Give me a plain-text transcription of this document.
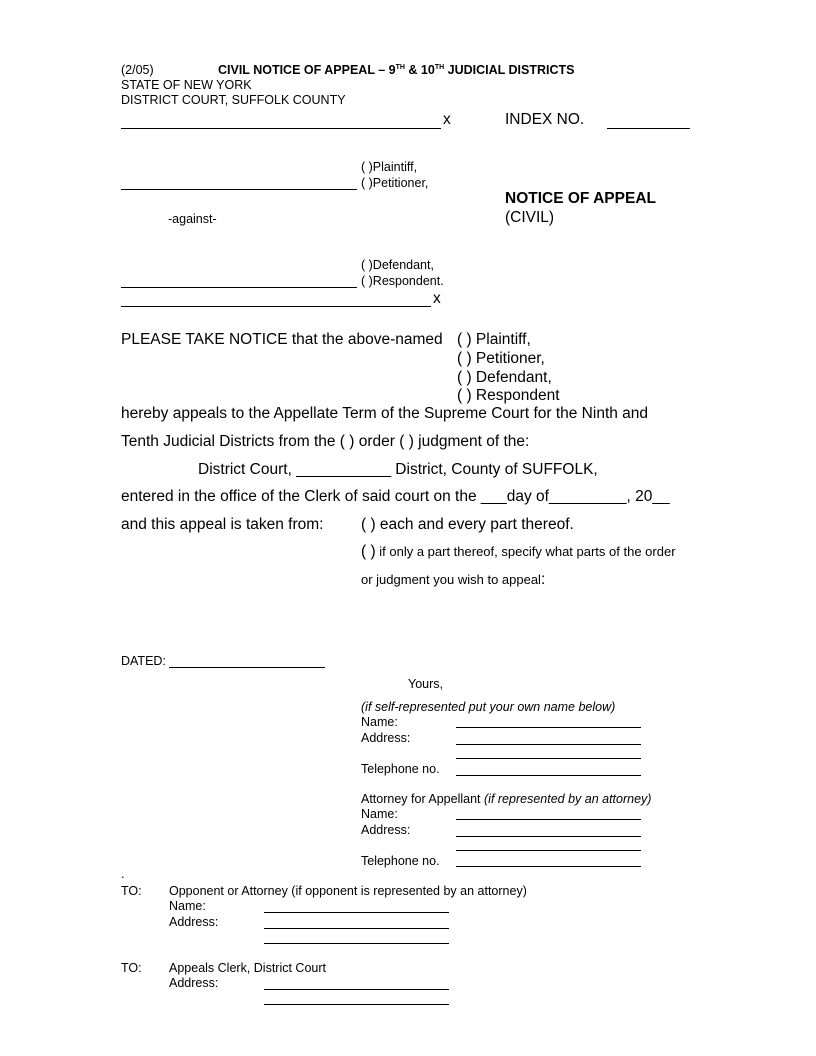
(2/05)	CIVIL NOTICE OF APPEAL – 9TH & 10TH JUDICIAL DISTRICTS
STATE OF NEW YORK
DISTRICT COURT, SUFFOLK COUNTY
x	INDEX NO.
( )Plaintiff,
( )Petitioner,
NOTICE OF APPEAL
(CIVIL)
-against-
( )Defendant,
( )Respondent.
x
PLEASE TAKE NOTICE that the above-named ( ) Plaintiff,
( ) Petitioner,
( ) Defendant,
( ) Respondent
hereby appeals to the Appellate Term of the Supreme Court for the Ninth and
Tenth Judicial Districts from the ( ) order ( ) judgment of the:
District Court, ___________ District, County of SUFFOLK,
entered in the office of the Clerk of said court on the ___day of_________, 20__
and this appeal is taken from: ( ) each and every part thereof.
( ) if only a part thereof, specify what parts of the order
or judgment you wish to appeal:
DATED:
Yours,
(if self-represented put your own name below)
Name:
Address:
Telephone no.
Attorney for Appellant (if represented by an attorney)
Name:
Address:
Telephone no.
.
TO: Opponent or Attorney (if opponent is represented by an attorney)
Name:
Address:
TO: Appeals Clerk, District Court
Address:
